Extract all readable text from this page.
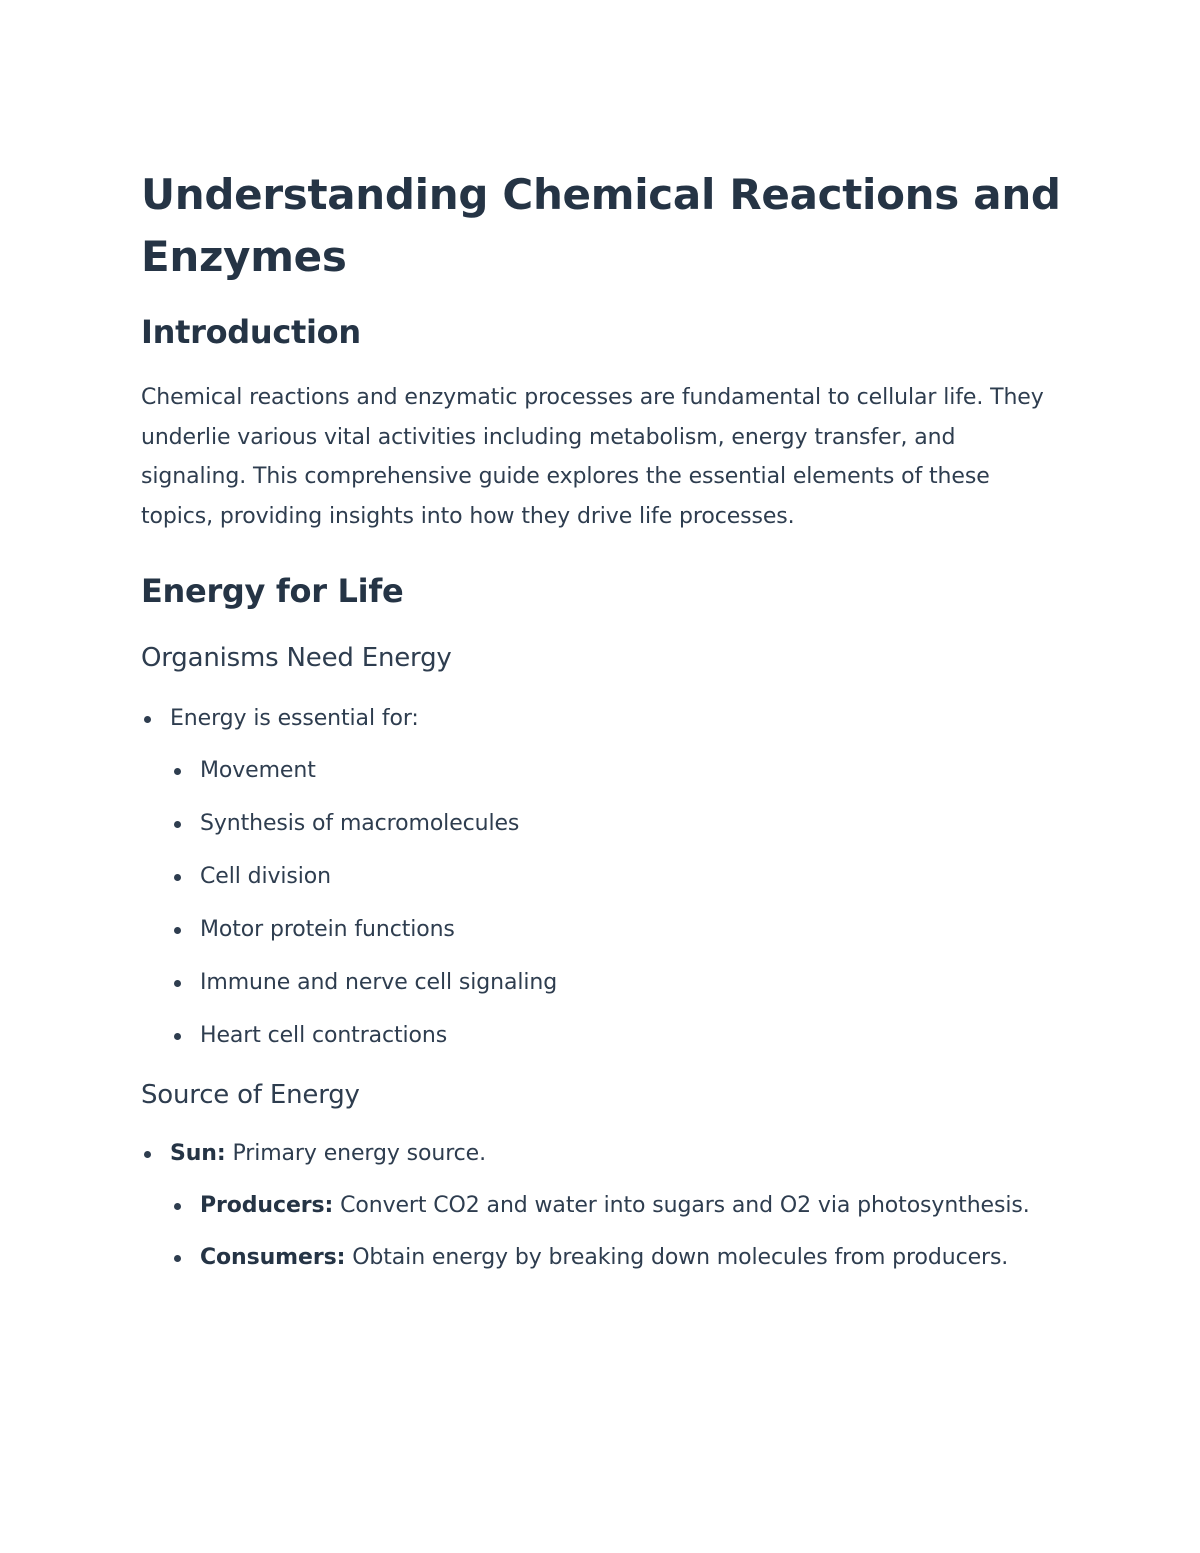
Understanding Chemical Reactions and Enzymes
Introduction

Chemical reactions and enzymatic processes are fundamental to cellular life. They underlie various vital activities including metabolism, energy transfer, and signaling. This comprehensive guide explores the essential elements of these topics, providing insights into how they drive life processes.

Energy for Life
Organisms Need Energy
Energy is essential for:
Movement
Synthesis of macromolecules
Cell division
Motor protein functions
Immune and nerve cell signaling
Heart cell contractions
Source of Energy
Sun: Primary energy source.
Producers: Convert CO2 and water into sugars and O2 via photosynthesis.
Consumers: Obtain energy by breaking down molecules from producers.
